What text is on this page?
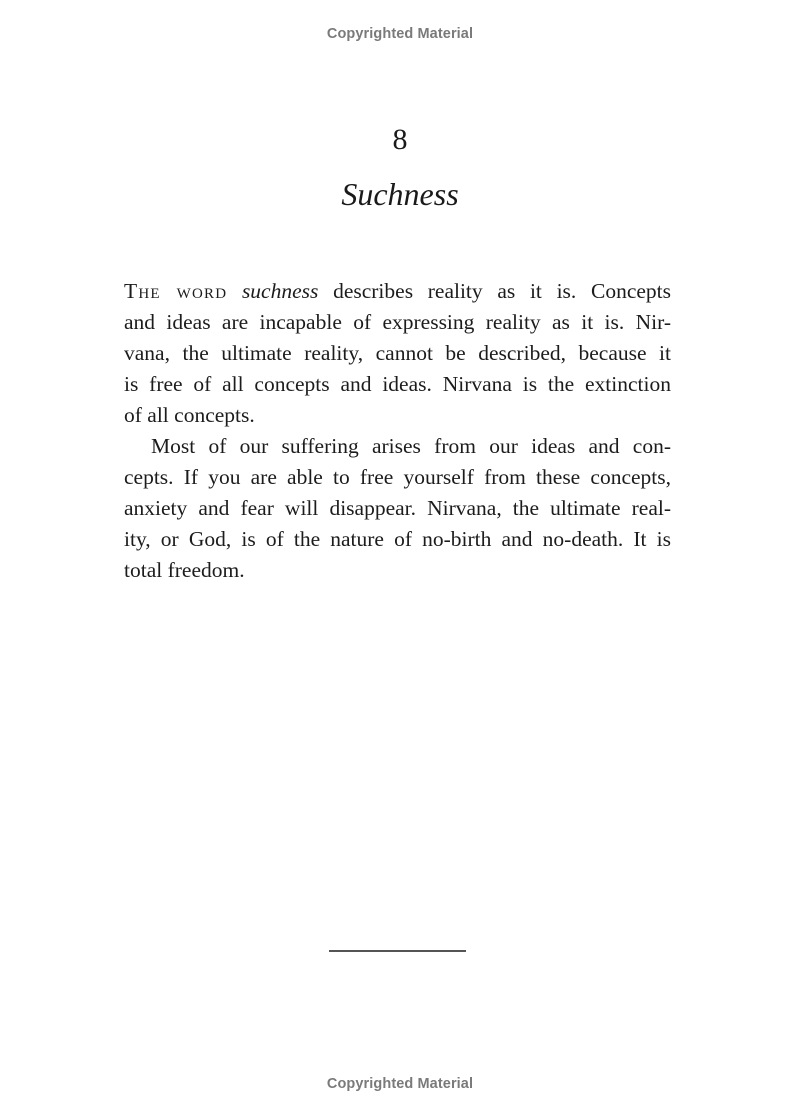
Copyrighted Material
8
Suchness
The word suchness describes reality as it is. Concepts
and ideas are incapable of expressing reality as it is. Nir-
vana, the ultimate reality, cannot be described, because it
is free of all concepts and ideas. Nirvana is the extinction
of all concepts.
Most of our suffering arises from our ideas and con-
cepts. If you are able to free yourself from these concepts,
anxiety and fear will disappear. Nirvana, the ultimate real-
ity, or God, is of the nature of no-birth and no-death. It is
total freedom.
Copyrighted Material
